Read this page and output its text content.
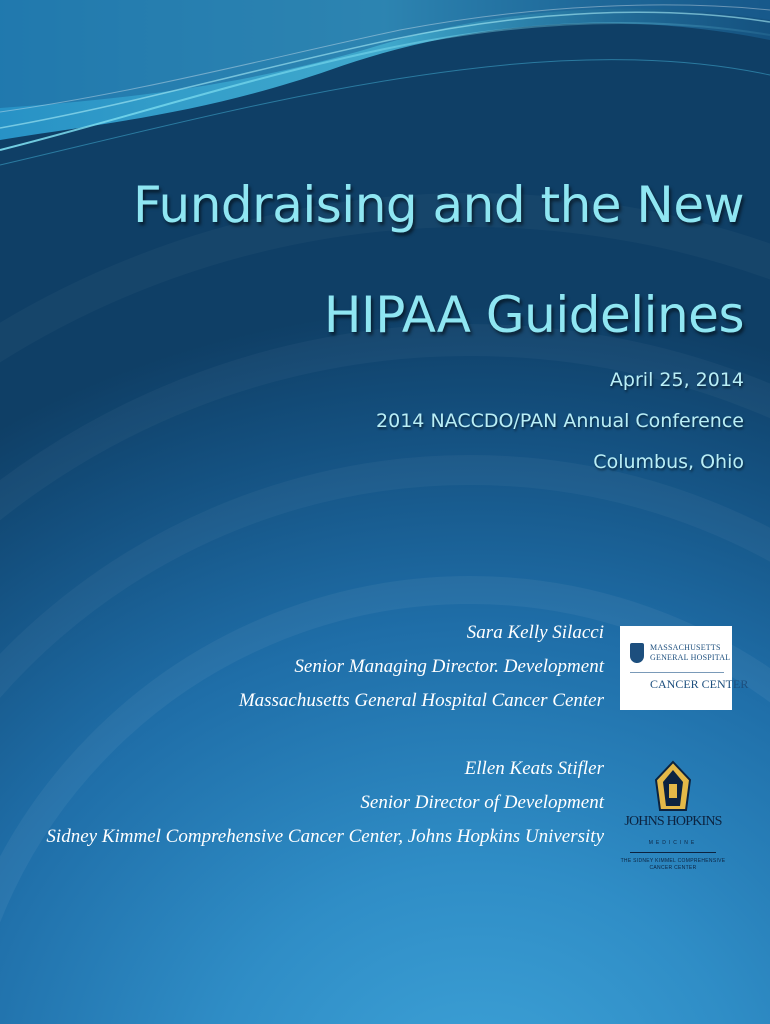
Fundraising and the New
HIPAA Guidelines
April 25, 2014
2014 NACCDO/PAN Annual Conference
Columbus, Ohio
Sara Kelly Silacci
Senior Managing Director. Development
Massachusetts General Hospital Cancer Center
Ellen Keats Stifler
Senior Director of Development
Sidney Kimmel Comprehensive Cancer Center, Johns Hopkins University
MASSACHUSETTS
GENERAL HOSPITAL
CANCER CENTER
JOHNS HOPKINS
MEDICINE
THE SIDNEY KIMMEL COMPREHENSIVE CANCER CENTER
